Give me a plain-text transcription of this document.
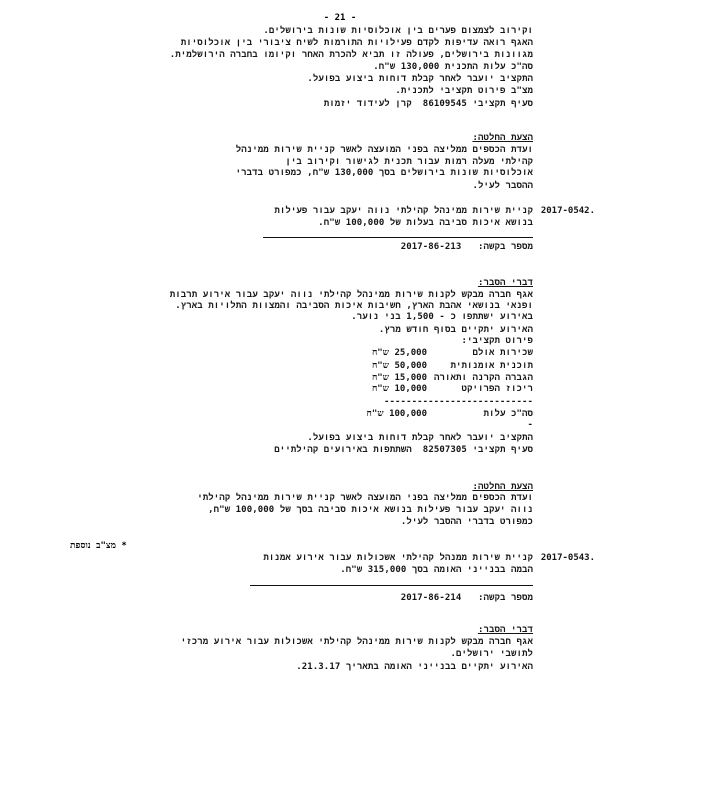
- 21 -
וקירוב לצמצום פערים בין אוכלוסיות שונות בירושלים.
האגף רואה עדיפות לקדם פעילויות התורמות לשיח ציבורי בין אוכלוסיות
מגוונות בירושלים, פעולה זו תביא להכרת האחר וקיומו בחברה הירושלמית.
סה"כ עלות התכנית 130,000 ש"ח.
התקציב יועבר לאחר קבלת דוחות ביצוע בפועל.
מצ"ב פירוט תקציבי לתכנית.
סעיף תקציבי 86109545  קרן לעידוד יזמות
הצעת החלטה:
ועדת הכספים ממליצה בפני המועצה לאשר קניית שירות ממינהל
קהילתי מעלה רמות עבור תכנית לגישור וקירוב בין
אוכלוסיות שונות בירושלים בסך 130,000 ש"ח, כמפורט בדברי
ההסבר לעיל.
2017-0542.
קניית שירות ממינהל קהילתי נווה יעקב עבור פעילות
בנושא איכות סביבה בעלות של 100,000 ש"ח.
מספר בקשה:   2017-86-213
דברי הסבר:
אגף חברה מבקש לקנות שירות ממינהל קהילתי נווה יעקב עבור אירוע תרבות
ופנאי בנושאי אהבת הארץ, חשיבות איכות הסביבה והמצוות התלויות בארץ.
באירוע ישתתפו כ - 1,500 בני נוער.
האירוע יתקיים בסוף חודש מרץ.
פירוט תקציבי:
שכירות אולם
25,000 ש"ח
תוכנית אומנותית
50,000 ש"ח
הגברה הקרנה ותאורה
15,000 ש"ח
ריכוז הפרויקט
10,000 ש"ח
---------------------------
סה"כ עלות
100,000 ש"ח
-
התקציב יועבר לאחר קבלת דוחות ביצוע בפועל.
סעיף תקציבי 82507305  השתתפות באירועים קהילתיים
הצעת החלטה:
ועדת הכספים ממליצה בפני המועצה לאשר קניית שירות ממינהל קהילתי
נווה יעקב עבור פעילות בנושא איכות סביבה בסך של 100,000 ש"ח,
כמפורט בדברי ההסבר לעיל.
* מצ"ב נוספת
2017-0543.
קניית שירות ממנהל קהילתי אשכולות עבור אירוע אמנות
הבמה בבנייני האומה בסך 315,000 ש"ח.
מספר בקשה:   2017-86-214
דברי הסבר:
אגף חברה מבקש לקנות שירות ממינהל קהילתי אשכולות עבור אירוע מרכזי
לתושבי ירושלים.
האירוע יתקיים בבנייני האומה בתאריך 21.3.17.
